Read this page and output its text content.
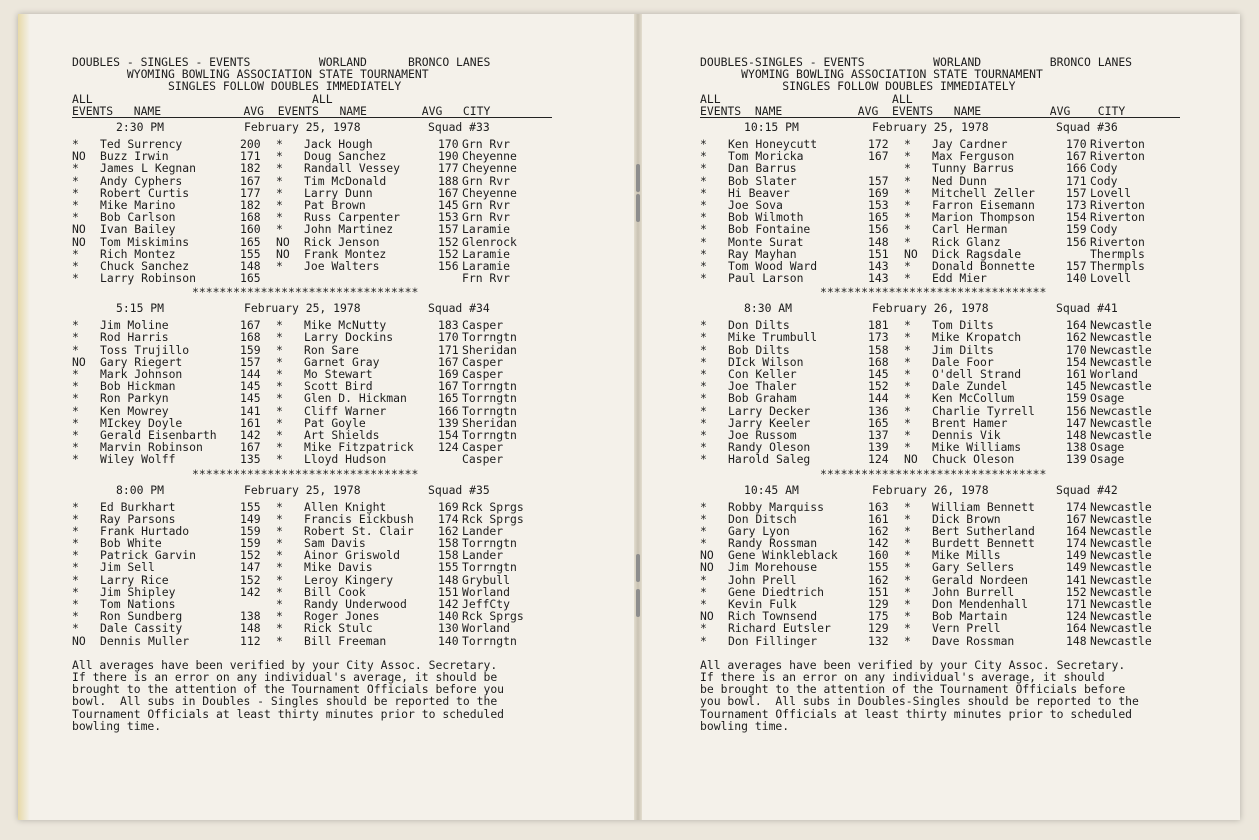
DOUBLES - SINGLES - EVENTS          WORLAND      BRONCO LANES
WYOMING BOWLING ASSOCIATION STATE TOURNAMENT
SINGLES FOLLOW DOUBLES IMMEDIATELY
ALL                                ALL
EVENTS   NAME            AVG  EVENTS   NAME        AVG   CITY
2:30 PM	February 25, 1978	Squad #33
* Ted Surrency	200 * Jack Hough	170 Grn Rvr
NO Buzz Irwin	171 * Doug Sanchez	190 Cheyenne
* James L Kegnan	182 * Randall Vessey	177 Cheyenne
* Andy Cyphers	167 * Tim McDonald	188 Grn Rvr
* Robert Curtis	177 * Larry Dunn	167 Cheyenne
* Mike Marino	182 * Pat Brown	145 Grn Rvr
* Bob Carlson	168 * Russ Carpenter	153 Grn Rvr
NO Ivan Bailey	160 * John Martinez	157 Laramie
NO Tom Miskimins	165 NO Rick Jenson	152 Glenrock
* Rich Montez	155 NO Frank Montez	152 Laramie
* Chuck Sanchez	148 * Joe Walters	156 Laramie
* Larry Robinson	165	Frn Rvr
*********************************
5:15 PM	February 25, 1978	Squad #34
* Jim Moline	167 * Mike McNutty	183 Casper
* Rod Harris	168 * Larry Dockins	170 Torrngtn
* Toss Trujillo	159 * Ron Sare	171 Sheridan
NO Gary Riegert	157 * Garnet Gray	167 Casper
* Mark Johnson	144 * Mo Stewart	169 Casper
* Bob Hickman	145 * Scott Bird	167 Torrngtn
* Ron Parkyn	145 * Glen D. Hickman	165 Torrngtn
* Ken Mowrey	141 * Cliff Warner	166 Torrngtn
* MIckey Doyle	161 * Pat Goyle	139 Sheridan
* Gerald Eisenbarth 142 * Art Shields	154 Torrngtn
* Marvin Robinson	167 * Mike Fitzpatrick 124 Casper
* Wiley Wolff	135 * Lloyd Hudson	Casper
*********************************
8:00 PM	February 25, 1978	Squad #35
* Ed Burkhart	155 * Allen Knight	169 Rck Sprgs
* Ray Parsons	149 * Francis Eickbush 174 Rck Sprgs
* Frank Hurtado	159 * Robert St. Clair 162 Lander
* Bob White	159 * Sam Davis	158 Torrngtn
* Patrick Garvin	152 * Ainor Griswold	158 Lander
* Jim Sell	147 * Mike Davis	155 Torrngtn
* Larry Rice	152 * Leroy Kingery	148 Grybull
* Jim Shipley	142 * Bill Cook	151 Worland
* Tom Nations	* Randy Underwood	142 JeffCty
* Ron Sundberg	138 * Roger Jones	140 Rck Sprgs
* Dale Cassity	148 * Rick Stulc	130 Worland
NO Dennis Muller	112 * Bill Freeman	140 Torrngtn
All averages have been verified by your City Assoc. Secretary.
If there is an error on any individual's average, it should be
brought to the attention of the Tournament Officials before you
bowl.  All subs in Doubles - Singles should be reported to the
Tournament Officials at least thirty minutes prior to scheduled
bowling time.
DOUBLES-SINGLES - EVENTS          WORLAND          BRONCO LANES
WYOMING BOWLING ASSOCIATION STATE TOURNAMENT
SINGLES FOLLOW DOUBLES IMMEDIATELY
ALL                         ALL
EVENTS  NAME           AVG  EVENTS   NAME          AVG    CITY
10:15 PM	February 25, 1978	Squad #36
* Ken Honeycutt	172 * Jay Cardner	170 Riverton
* Tom Moricka	167 * Max Ferguson	167 Riverton
* Dan Barrus	* Tunny Barrus	166 Cody
* Bob Slater	157 * Ned Dunn	171 Cody
* Hi Beaver	169 * Mitchell Zeller	157 Lovell
* Joe Sova	153 * Farron Eisemann	173 Riverton
* Bob Wilmoth	165 * Marion Thompson	154 Riverton
* Bob Fontaine	156 * Carl Herman	159 Cody
* Monte Surat	148 * Rick Glanz	156 Riverton
* Ray Mayhan	151 NO Dick Ragsdale	Thermpls
* Tom Wood Ward	143 * Donald Bonnette	157 Thermpls
* Paul Larson	143 * Edd Mier	140 Lovell
*********************************
8:30 AM	February 26, 1978	Squad #41
* Don Dilts	181 * Tom Dilts	164 Newcastle
* Mike Trumbull	173 * Mike Kropatch	162 Newcastle
* Bob Dilts	158 * Jim Dilts	170 Newcastle
* DIck Wilson	168 * Dale Foor	154 Newcastle
* Con Keller	145 * O'dell Strand	161 Worland
* Joe Thaler	152 * Dale Zundel	145 Newcastle
* Bob Graham	144 * Ken McCollum	159 Osage
* Larry Decker	136 * Charlie Tyrrell	156 Newcastle
* Jarry Keeler	165 * Brent Hamer	147 Newcastle
* Joe Russom	137 * Dennis Vik	148 Newcastle
* Randy Oleson	139 * Mike Williams	138 Osage
* Harold Saleg	124 NO Chuck Oleson	139 Osage
*********************************
10:45 AM	February 26, 1978	Squad #42
* Robby Marquiss	163 * William Bennett	174 Newcastle
* Don Ditsch	161 * Dick Brown	167 Newcastle
* Gary Lyon	162 * Bert Sutherland	164 Newcastle
* Randy Rossman	142 * Burdett Bennett	174 Newcastle
NO Gene Winkleblack	160 * Mike Mills	149 Newcastle
NO Jim Morehouse	155 * Gary Sellers	149 Newcastle
* John Prell	162 * Gerald Nordeen	141 Newcastle
* Gene Diedtrich	151 * John Burrell	152 Newcastle
* Kevin Fulk	129 * Don Mendenhall	171 Newcastle
NO Rich Townsend	175 * Bob Martain	124 Newcastle
* Richard Eutsler	129 * Vern Prell	164 Newcastle
* Don Fillinger	132 * Dave Rossman	148 Newcastle
All averages have been verified by your City Assoc. Secretary.
If there is an error on any individual's average, it should
be brought to the attention of the Tournament Officials before
you bowl.  All subs in Doubles-Singles should be reported to the
Tournament Officials at least thirty minutes prior to scheduled
bowling time.
